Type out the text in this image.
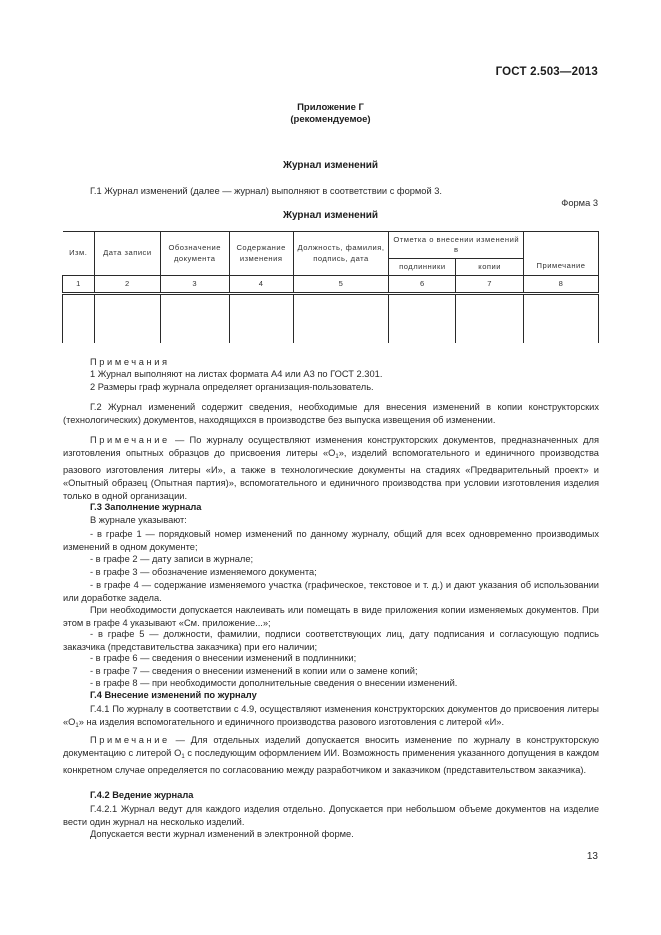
ГОСТ 2.503—2013
Приложение Г
(рекомендуемое)
Журнал изменений
Г.1 Журнал изменений (далее — журнал) выполняют в соответствии с формой 3.
Форма 3
Журнал изменений
Изм.	Дата записи	Обозначение документа	Содержание изменения	Должность, фамилия, подпись, дата	Отметка о внесении изменений в		Примечание
					подлинники	копии	
1	2	3	4	5	6	7	8

Примечания
1 Журнал выполняют на листах формата А4 или А3 по ГОСТ 2.301.
2 Размеры граф журнала определяет организация-пользователь.
Г.2 Журнал изменений содержит сведения, необходимые для внесения изменений в копии конструкторских (технологических) документов, находящихся в производстве без выпуска извещения об изменении.
Примечание — По журналу осуществляют изменения конструкторских документов, предназначенных для изготовления опытных образцов до присвоения литеры «$О_1$», изделий вспомогательного и единичного производства разового изготовления литеры «И», а также в технологические документы на стадиях «Предварительный проект» и «Опытный образец (Опытная партия)», вспомогательного и единичного производства при условии изготовления изделия только в одной организации.
Г.3 Заполнение журнала
В журнале указывают:
- в графе 1 — порядковый номер изменений по данному журналу, общий для всех одновременно производимых изменений в одном документе;
- в графе 2 — дату записи в журнале;
- в графе 3 — обозначение изменяемого документа;
- в графе 4 — содержание изменяемого участка (графическое, текстовое и т. д.) и дают указания об использовании или доработке задела.
При необходимости допускается наклеивать или помещать в виде приложения копии изменяемых документов. При этом в графе 4 указывают «См. приложение...»;
- в графе 5 — должности, фамилии, подписи соответствующих лиц, дату подписания и согласующую подпись заказчика (представительства заказчика) при его наличии;
- в графе 6 — сведения о внесении изменений в подлинники;
- в графе 7 — сведения о внесении изменений в копии или о замене копий;
- в графе 8 — при необходимости дополнительные сведения о внесении изменений.
Г.4 Внесение изменений по журналу
Г.4.1 По журналу в соответствии с 4.9, осуществляют изменения конструкторских документов до присвоения литеры «$О_1$» на изделия вспомогательного и единичного производства разового изготовления с литерой «И».
Примечание — Для отдельных изделий допускается вносить изменение по журналу в конструкторскую документацию с литерой $О_1$ с последующим оформлением ИИ. Возможность применения указанного допущения в каждом конкретном случае определяется по согласованию между разработчиком и заказчиком (представительством заказчика).
Г.4.2 Ведение журнала
Г.4.2.1 Журнал ведут для каждого изделия отдельно. Допускается при небольшом объеме документов на изделие вести один журнал на несколько изделий.
Допускается вести журнал изменений в электронной форме.
13
